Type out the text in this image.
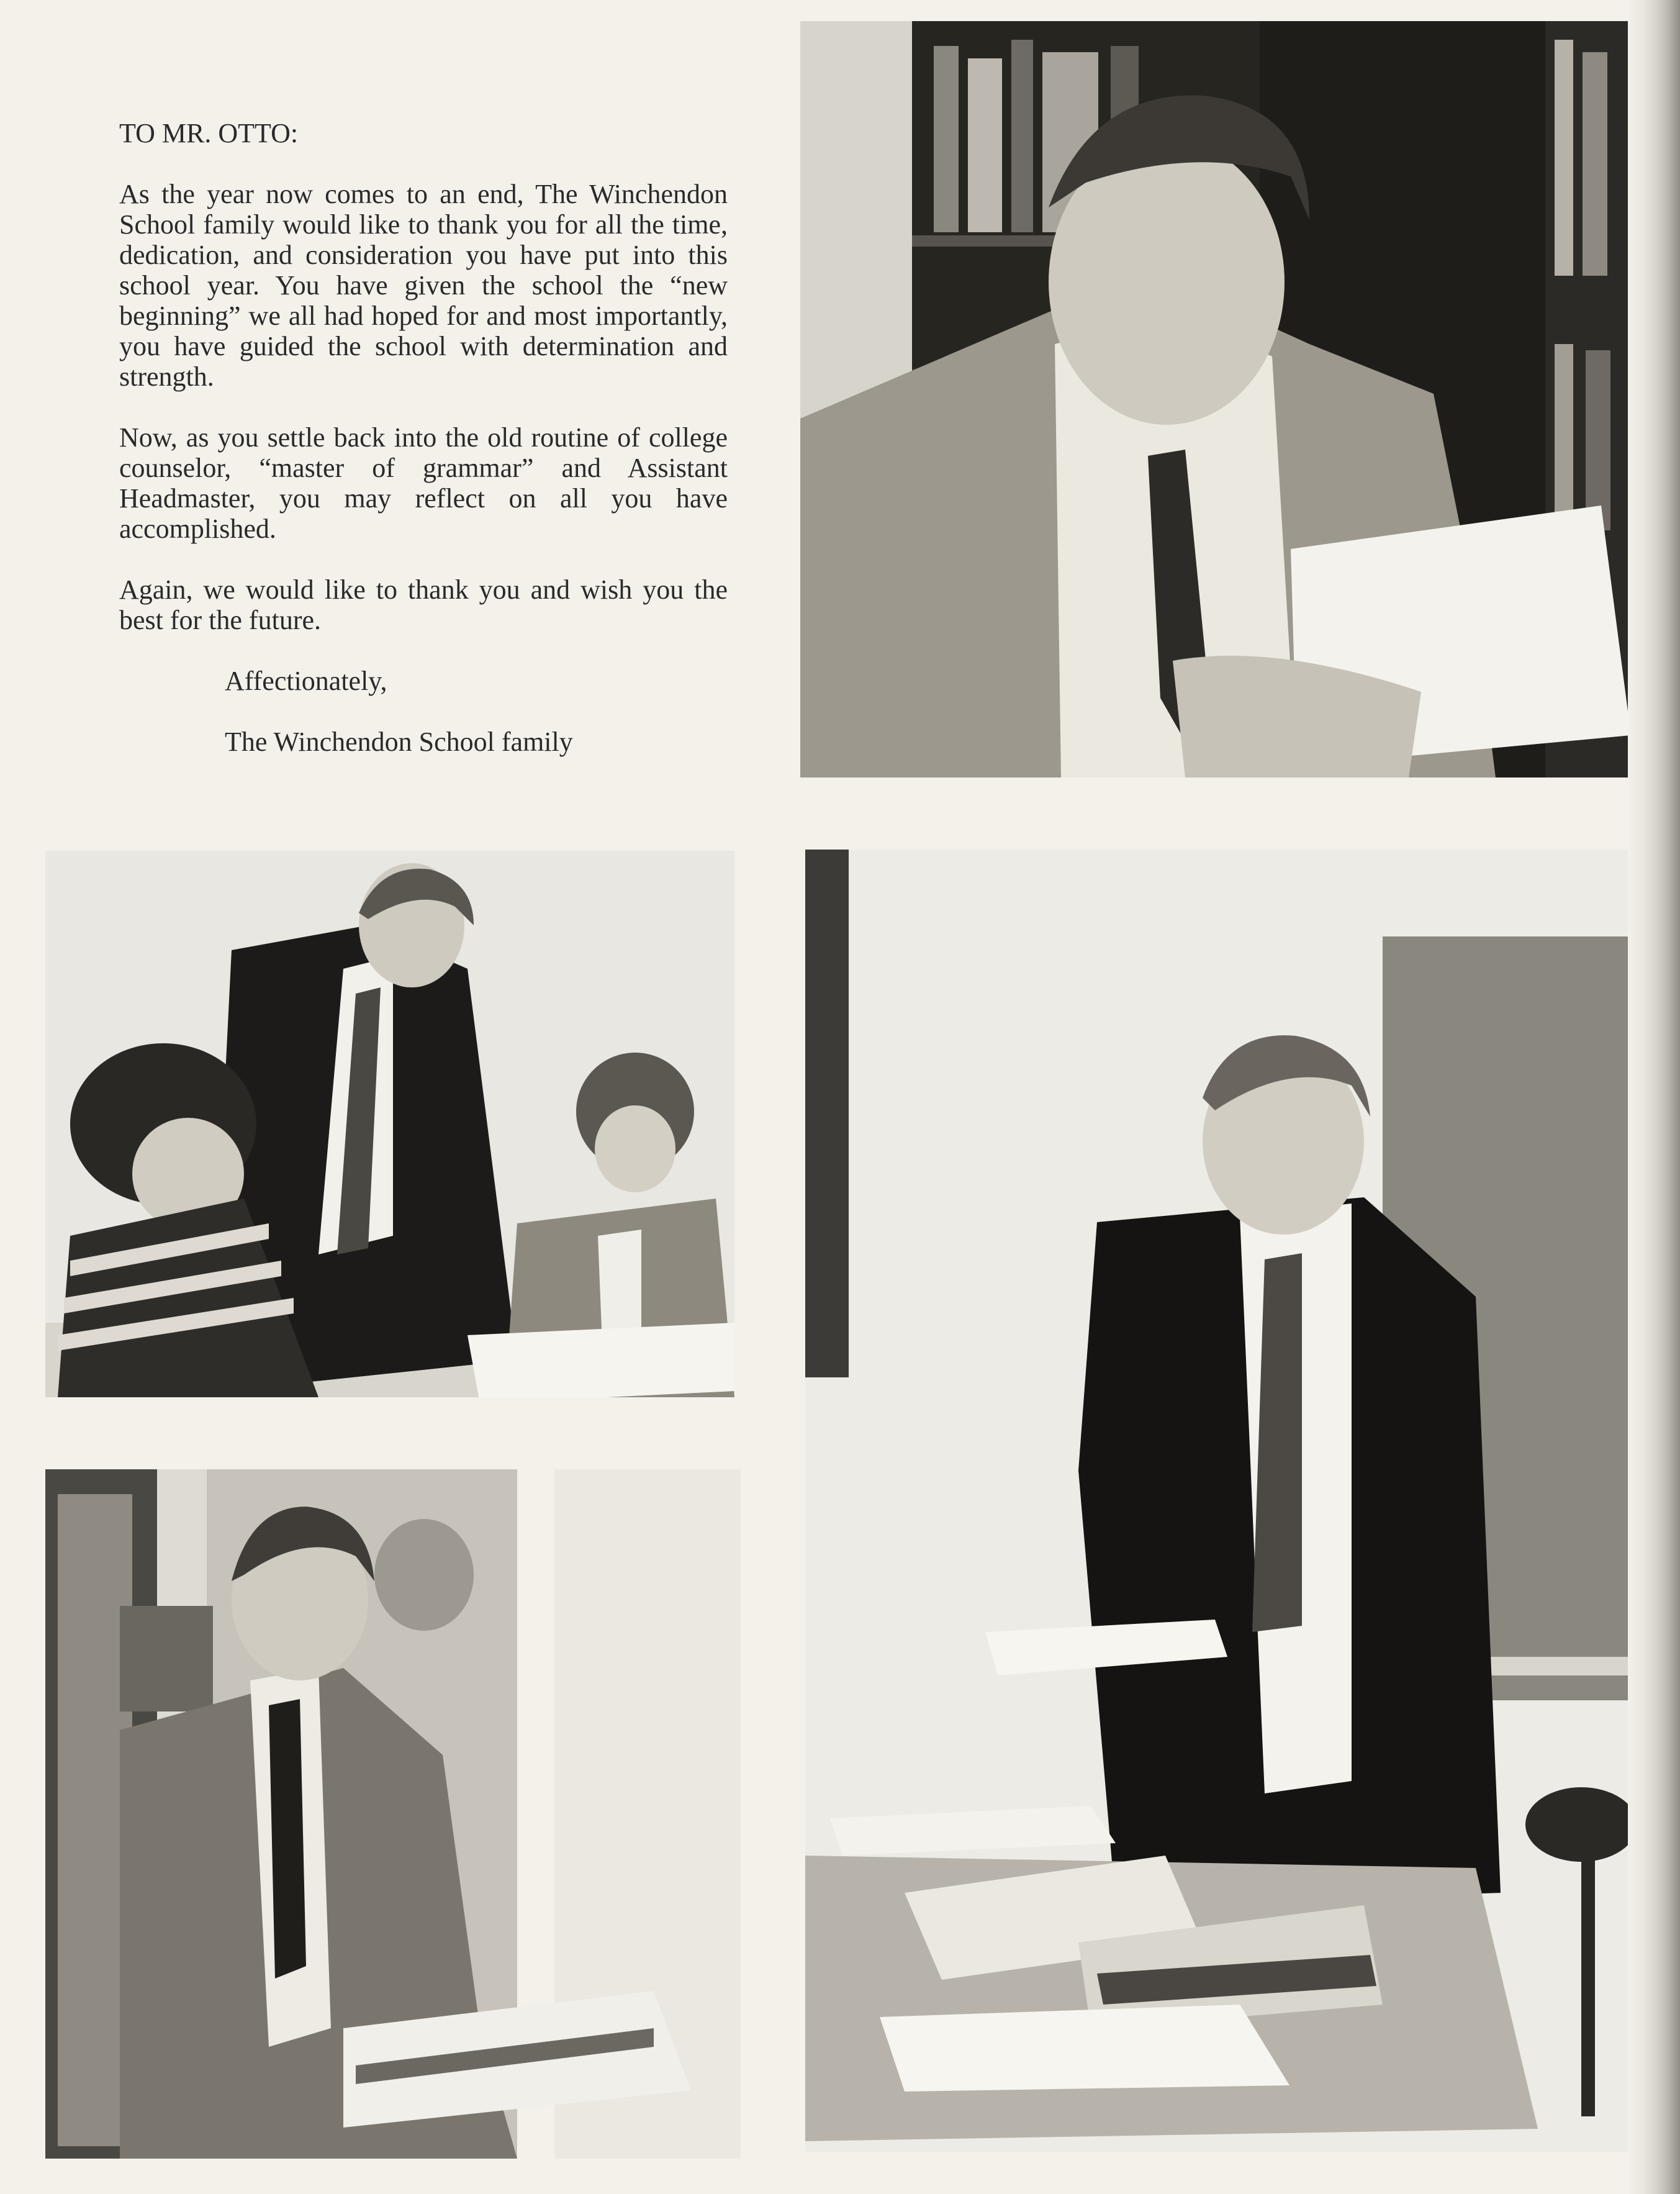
TO MR. OTTO:

As the year now comes to an end, The Winchendon School family would like to thank you for all the time, dedication, and consideration you have put into this school year. You have given the school the “new beginning” we all had hoped for and most importantly, you have guided the school with determination and strength.

Now, as you settle back into the old routine of college counselor, “master of grammar” and Assistant Headmaster, you may reflect on all you have accomplished.

Again, we would like to thank you and wish you the best for the future.

Affectionately,

The Winchendon School family
